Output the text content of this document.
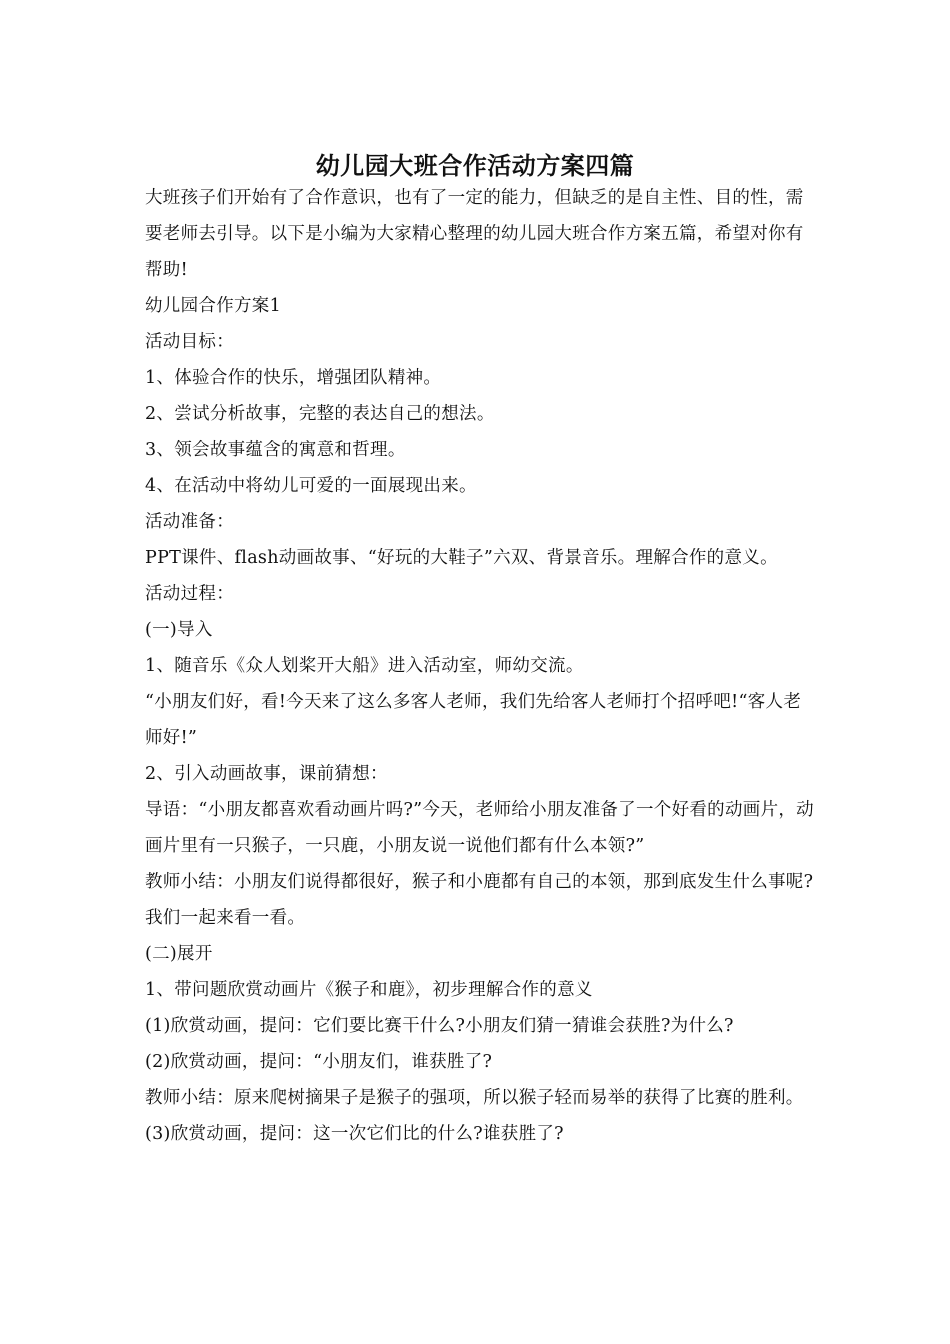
幼儿园大班合作活动方案四篇

大班孩子们开始有了合作意识，也有了一定的能力，但缺乏的是自主性、目的性，需要老师去引导。以下是小编为大家精心整理的幼儿园大班合作方案五篇，希望对你有帮助!

幼儿园合作方案1

活动目标：

1、体验合作的快乐，增强团队精神。

2、尝试分析故事，完整的表达自己的想法。

3、领会故事蕴含的寓意和哲理。

4、在活动中将幼儿可爱的一面展现出来。

活动准备：

PPT课件、flash动画故事、“好玩的大鞋子”六双、背景音乐。理解合作的意义。

活动过程：

(一)导入

1、随音乐《众人划桨开大船》进入活动室，师幼交流。

“小朋友们好，看!今天来了这么多客人老师，我们先给客人老师打个招呼吧!“客人老师好!”

2、引入动画故事，课前猜想：

导语：“小朋友都喜欢看动画片吗?”今天，老师给小朋友准备了一个好看的动画片，动画片里有一只猴子，一只鹿，小朋友说一说他们都有什么本领?”

教师小结：小朋友们说得都很好，猴子和小鹿都有自己的本领，那到底发生什么事呢?我们一起来看一看。

(二)展开

1、带问题欣赏动画片《猴子和鹿》，初步理解合作的意义

(1)欣赏动画，提问：它们要比赛干什么?小朋友们猜一猜谁会获胜?为什么?

(2)欣赏动画，提问：“小朋友们，谁获胜了?

教师小结：原来爬树摘果子是猴子的强项，所以猴子轻而易举的获得了比赛的胜利。

(3)欣赏动画，提问：这一次它们比的什么?谁获胜了?
